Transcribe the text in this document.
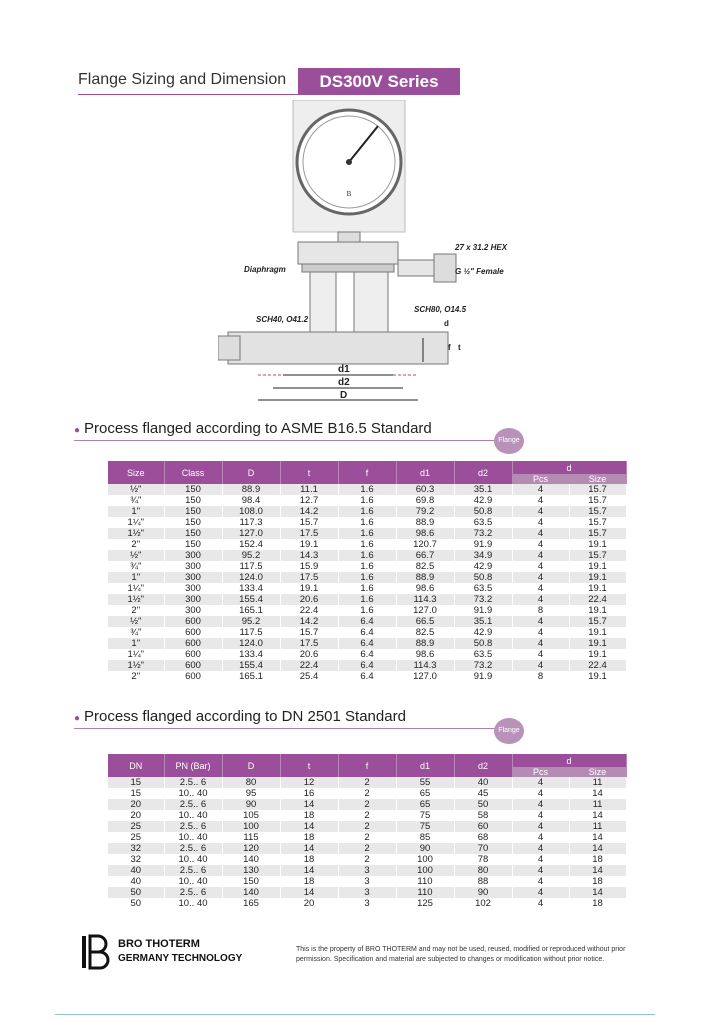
Flange Sizing and Dimension	DS300V Series
B
27 x 31.2 HEX
Diaphragm	G ½" Female
SCH40, O41.2
SCH80, O14.5
d
f t
d1
d2
D
● Process flanged according to ASME B16.5 Standard
Flange
Size	Class	D	t	f	d1	d2	d	
							Pcs	Size
½"	150	88.9	11.1	1.6	60.3	35.1	4	15.7
¾"	150	98.4	12.7	1.6	69.8	42.9	4	15.7
1"	150	108.0	14.2	1.6	79.2	50.8	4	15.7
1¼"	150	117.3	15.7	1.6	88.9	63.5	4	15.7
1½"	150	127.0	17.5	1.6	98.6	73.2	4	15.7
2"	150	152.4	19.1	1.6	120.7	91.9	4	19.1
½"	300	95.2	14.3	1.6	66.7	34.9	4	15.7
¾"	300	117.5	15.9	1.6	82.5	42.9	4	19.1
1"	300	124.0	17.5	1.6	88.9	50.8	4	19.1
1¼"	300	133.4	19.1	1.6	98.6	63.5	4	19.1
1½"	300	155.4	20.6	1.6	114.3	73.2	4	22.4
2"	300	165.1	22.4	1.6	127.0	91.9	8	19.1
½"	600	95.2	14.2	6.4	66.5	35.1	4	15.7
¾"	600	117.5	15.7	6.4	82.5	42.9	4	19.1
1"	600	124.0	17.5	6.4	88.9	50.8	4	19.1
1¼"	600	133.4	20.6	6.4	98.6	63.5	4	19.1
1½"	600	155.4	22.4	6.4	114.3	73.2	4	22.4
2"	600	165.1	25.4	6.4	127.0	91.9	8	19.1
● Process flanged according to DN 2501 Standard
Flange
DN	PN (Bar)	D	t	f	d1	d2	d	
							Pcs	Size
15	2.5.. 6	80	12	2	55	40	4	11
15	10.. 40	95	16	2	65	45	4	14
20	2.5.. 6	90	14	2	65	50	4	11
20	10.. 40	105	18	2	75	58	4	14
25	2.5.. 6	100	14	2	75	60	4	11
25	10.. 40	115	18	2	85	68	4	14
32	2.5.. 6	120	14	2	90	70	4	14
32	10.. 40	140	18	2	100	78	4	18
40	2.5.. 6	130	14	3	100	80	4	14
40	10.. 40	150	18	3	110	88	4	18
50	2.5.. 6	140	14	3	110	90	4	14
50	10.. 40	165	20	3	125	102	4	18
BRO THOTERM
GERMANY TECHNOLOGY
This is the property of BRO THOTERM and may not be used, reused, modified or reproduced without prior permission. Specification and material are subjected to changes or modification without prior notice.
